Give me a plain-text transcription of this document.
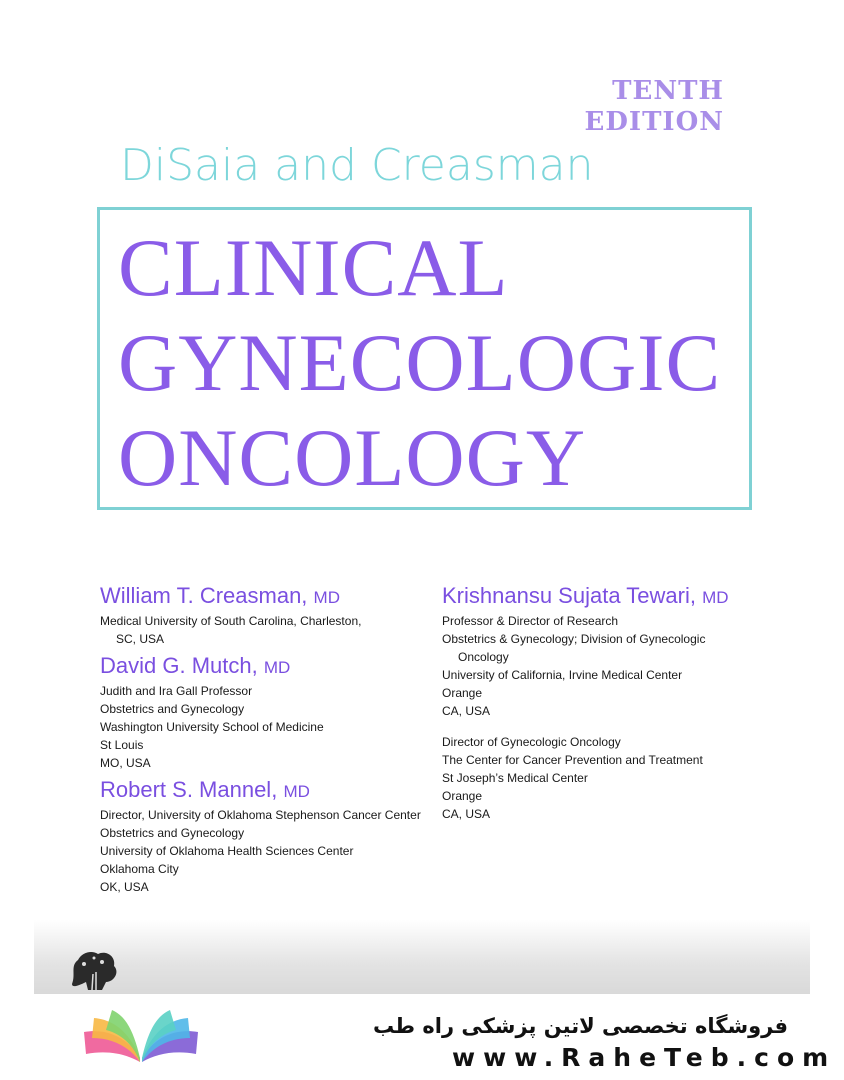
TENTH
EDITION
DiSaia and Creasman
CLINICAL
GYNECOLOGIC
ONCOLOGY
William T. Creasman, MD
Medical University of South Carolina, Charleston,
SC, USA
David G. Mutch, MD
Judith and Ira Gall Professor
Obstetrics and Gynecology
Washington University School of Medicine
St Louis
MO, USA
Robert S. Mannel, MD
Director, University of Oklahoma Stephenson Cancer Center
Obstetrics and Gynecology
University of Oklahoma Health Sciences Center
Oklahoma City
OK, USA
Krishnansu Sujata Tewari, MD
Professor & Director of Research
Obstetrics & Gynecology; Division of Gynecologic
Oncology
University of California, Irvine Medical Center
Orange
CA, USA
Director of Gynecologic Oncology
The Center for Cancer Prevention and Treatment
St Joseph’s Medical Center
Orange
CA, USA
فروشگاه تخصصی لاتین پزشکی راه طب
www.RaheTeb.com
